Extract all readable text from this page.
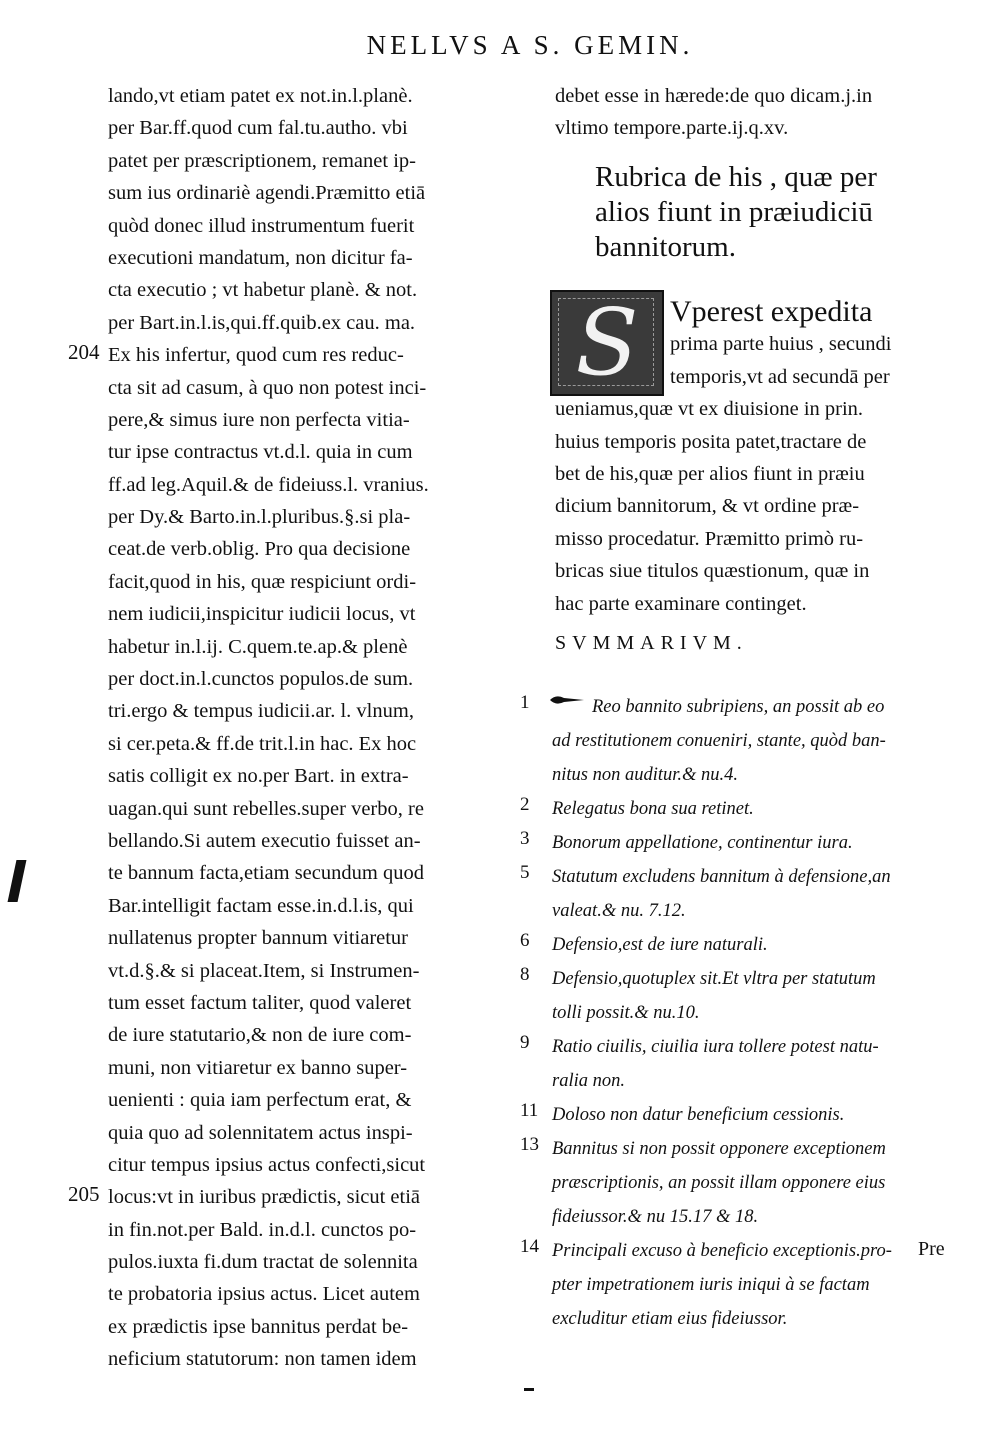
NELLVS A S. GEMIN.
lando,vt etiam patet ex not.in.l.planè.
per Bar.ff.quod cum fal.tu.autho. vbi
patet per præscriptionem, remanet ip-
sum ius ordinariè agendi.Præmitto etiā
quòd donec illud instrumentum fuerit
executioni mandatum, non dicitur fa-
cta executio ; vt habetur planè. & not.
per Bart.in.l.is,qui.ff.quib.ex cau. ma.
Ex his infertur, quod cum res reduc-
cta sit ad casum, à quo non potest inci-
pere,& simus iure non perfecta vitia-
tur ipse contractus vt.d.l. quia in cum
ff.ad leg.Aquil.& de fideiuss.l. vranius.
per Dy.& Barto.in.l.pluribus.§.si pla-
ceat.de verb.oblig. Pro qua decisione
facit,quod in his, quæ respiciunt ordi-
nem iudicii,inspicitur iudicii locus, vt
habetur in.l.ij. C.quem.te.ap.& plenè
per doct.in.l.cunctos populos.de sum.
tri.ergo & tempus iudicii.ar. l. vlnum,
si cer.peta.& ff.de trit.l.in hac. Ex hoc
satis colligit ex no.per Bart. in extra-
uagan.qui sunt rebelles.super verbo, re
bellando.Si autem executio fuisset an-
te bannum facta,etiam secundum quod
Bar.intelligit factam esse.in.d.l.is, qui
nullatenus propter bannum vitiaretur
vt.d.§.& si placeat.Item, si Instrumen-
tum esset factum taliter, quod valeret
de iure statutario,& non de iure com-
muni, non vitiaretur ex banno super-
uenienti : quia iam perfectum erat, &
quia quo ad solennitatem actus inspi-
citur tempus ipsius actus confecti,sicut
locus:vt in iuribus prædictis, sicut etiā
in fin.not.per Bald. in.d.l. cunctos po-
pulos.iuxta fi.dum tractat de solennita
te probatoria ipsius actus. Licet autem
ex prædictis ipse bannitus perdat be-
neficium statutorum: non tamen idem
204
205
debet esse in hærede:de quo dicam.j.in
vltimo tempore.parte.ij.q.xv.
Rubrica de his , quæ per
alios fiunt in præiudiciū
bannitorum.
S	Vperest expedita
prima parte huius , secundi
temporis,vt ad secundā per
ueniamus,quæ vt ex diuisione in prin.
huius temporis posita patet,tractare de
bet de his,quæ per alios fiunt in præiu
dicium bannitorum, & vt ordine præ-
misso procedatur. Præmitto primò ru-
bricas siue titulos quæstionum, quæ in
hac parte examinare continget.
SVMMARIVM.
Reo bannito subripiens, an possit ab eo
ad restitutionem conueniri, stante, quòd ban-
nitus non auditur.& nu.4.
Relegatus bona sua retinet.
Bonorum appellatione, continentur iura.
Statutum excludens bannitum à defensione,an
valeat.& nu. 7.12.
Defensio,est de iure naturali.
Defensio,quotuplex sit.Et vltra per statutum
tolli possit.& nu.10.
Ratio ciuilis, ciuilia iura tollere potest natu-
ralia non.
Doloso non datur beneficium cessionis.
Bannitus si non possit opponere exceptionem
præscriptionis, an possit illam opponere eius
fideiussor.& nu 15.17 & 18.
Principali excuso à beneficio exceptionis.pro-
pter impetrationem iuris iniqui à se factam
excluditur etiam eius fideiussor.
1
2
3
5
6
8
9
11
13
14	Pre
